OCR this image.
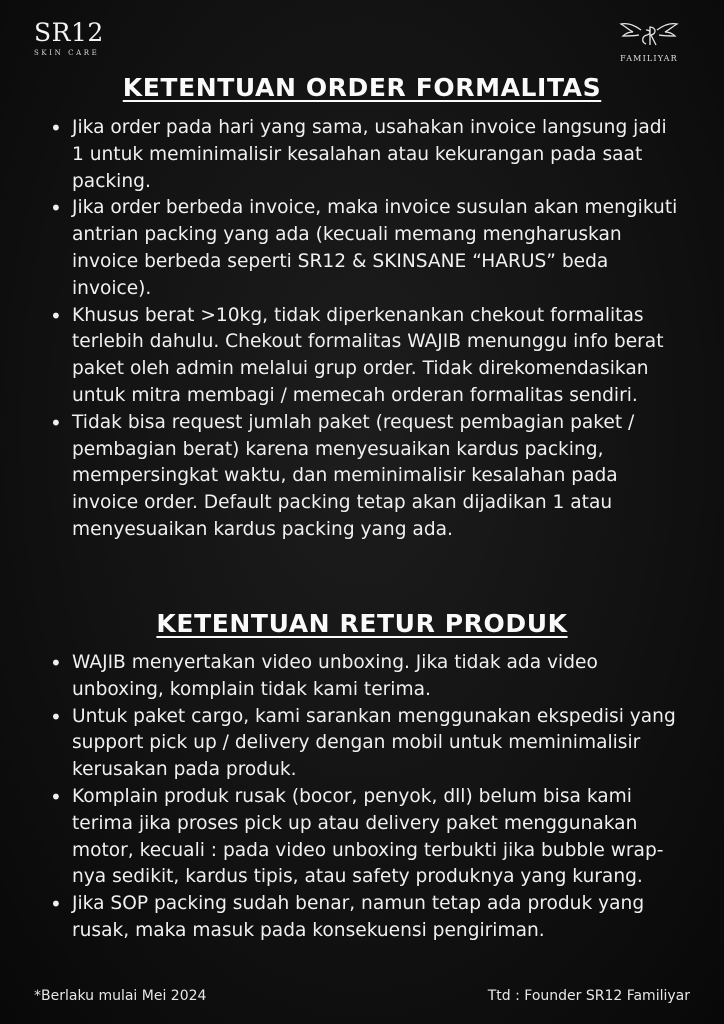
SR12
SKIN CARE
FAMILIYAR
KETENTUAN ORDER FORMALITAS
• Jika order pada hari yang sama, usahakan invoice langsung jadi 1 untuk meminimalisir kesalahan atau kekurangan pada saat packing.
• Jika order berbeda invoice, maka invoice susulan akan mengikuti antrian packing yang ada (kecuali memang mengharuskan invoice berbeda seperti SR12 & SKINSANE “HARUS” beda invoice).
• Khusus berat >10kg, tidak diperkenankan chekout formalitas terlebih dahulu. Chekout formalitas WAJIB menunggu info berat paket oleh admin melalui grup order. Tidak direkomendasikan untuk mitra membagi / memecah orderan formalitas sendiri.
• Tidak bisa request jumlah paket (request pembagian paket / pembagian berat) karena menyesuaikan kardus packing, mempersingkat waktu, dan meminimalisir kesalahan pada invoice order. Default packing tetap akan dijadikan 1 atau menyesuaikan kardus packing yang ada.
KETENTUAN RETUR PRODUK
• WAJIB menyertakan video unboxing. Jika tidak ada video unboxing, komplain tidak kami terima.
• Untuk paket cargo, kami sarankan menggunakan ekspedisi yang support pick up / delivery dengan mobil untuk meminimalisir kerusakan pada produk.
• Komplain produk rusak (bocor, penyok, dll) belum bisa kami terima jika proses pick up atau delivery paket menggunakan motor, kecuali : pada video unboxing terbukti jika bubble wrap-nya sedikit, kardus tipis, atau safety produknya yang kurang.
• Jika SOP packing sudah benar, namun tetap ada produk yang rusak, maka masuk pada konsekuensi pengiriman.
*Berlaku mulai Mei 2024	Ttd : Founder SR12 Familiyar
